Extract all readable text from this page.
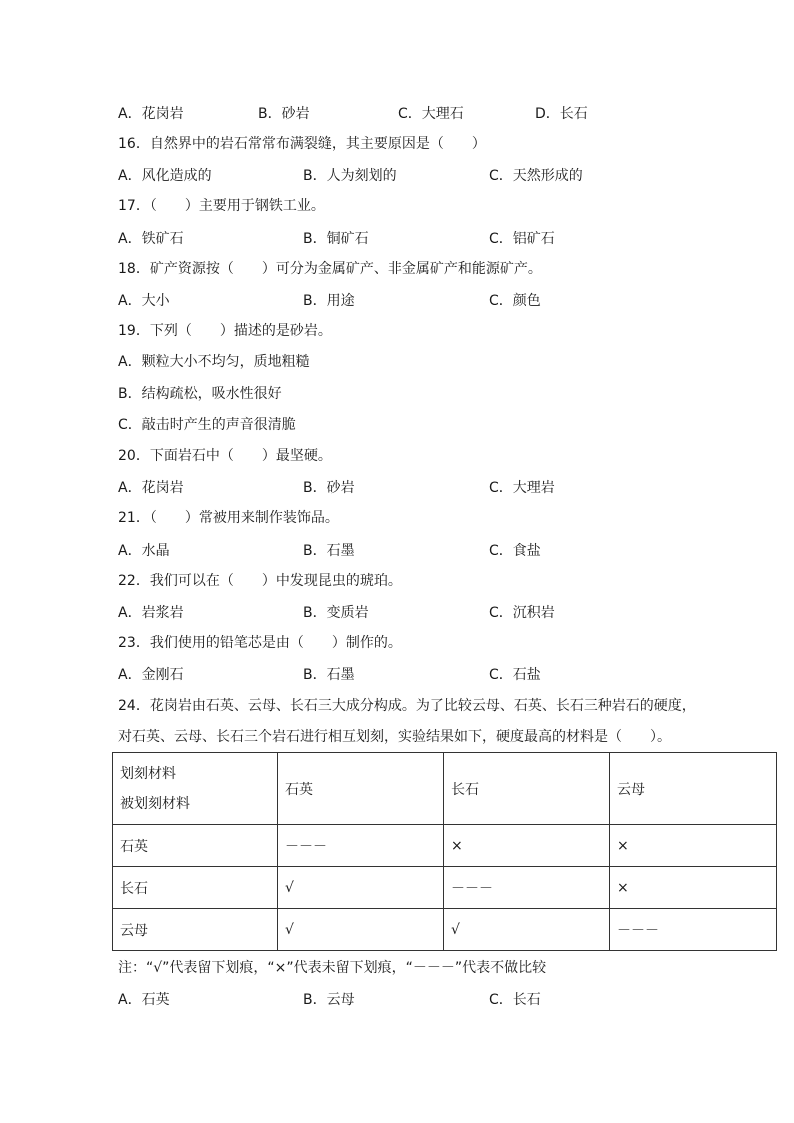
A．花岗岩	B．砂岩	C．大理石	D．长石
16．自然界中的岩石常常布满裂缝，其主要原因是（　　）
A．风化造成的	B．人为刻划的	C．天然形成的
17．（　　）主要用于钢铁工业。
A．铁矿石	B．铜矿石	C．铝矿石
18．矿产资源按（　　）可分为金属矿产、非金属矿产和能源矿产。
A．大小	B．用途	C．颜色
19．下列（　　）描述的是砂岩。
A．颗粒大小不均匀，质地粗糙
B．结构疏松，吸水性很好
C．敲击时产生的声音很清脆
20．下面岩石中（　　）最坚硬。
A．花岗岩	B．砂岩	C．大理岩
21．（　　）常被用来制作装饰品。
A．水晶	B．石墨	C．食盐
22．我们可以在（　　）中发现昆虫的琥珀。
A．岩浆岩	B．变质岩	C．沉积岩
23．我们使用的铅笔芯是由（　　）制作的。
A．金刚石	B．石墨	C．石盐
24．花岗岩由石英、云母、长石三大成分构成。为了比较云母、石英、长石三种岩石的硬度，
对石英、云母、长石三个岩石进行相互划刻，实验结果如下，硬度最高的材料是（　　）。
划刻材料
被划刻材料	石英	长石	云母
石英	－－－	×	×
长石	√	－－－	×
云母	√	√	－－－
注：“√”代表留下划痕，“×”代表未留下划痕，“－－－”代表不做比较
A．石英	B．云母	C．长石
